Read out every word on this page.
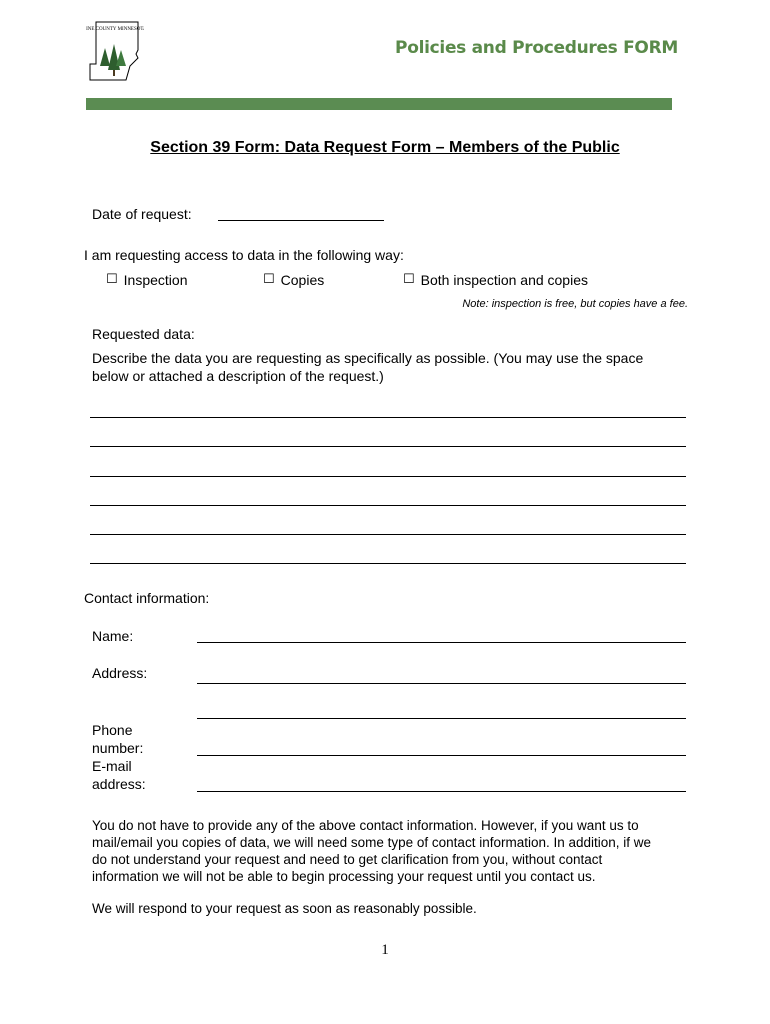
PINE COUNTY MINNESOTA
Policies and Procedures FORM
Section 39 Form: Data Request Form – Members of the Public
Date of request:
I am requesting access to data in the following way:
☐ Inspection	☐ Copies	☐ Both inspection and copies
Note: inspection is free, but copies have a fee.
Requested data:
Describe the data you are requesting as specifically as possible. (You may use the space
below or attached a description of the request.)
Contact information:
Name:
Address:
Phone
number:
E-mail
address:
You do not have to provide any of the above contact information. However, if you want us to
mail/email you copies of data, we will need some type of contact information. In addition, if we
do not understand your request and need to get clarification from you, without contact
information we will not be able to begin processing your request until you contact us.
We will respond to your request as soon as reasonably possible.
1
